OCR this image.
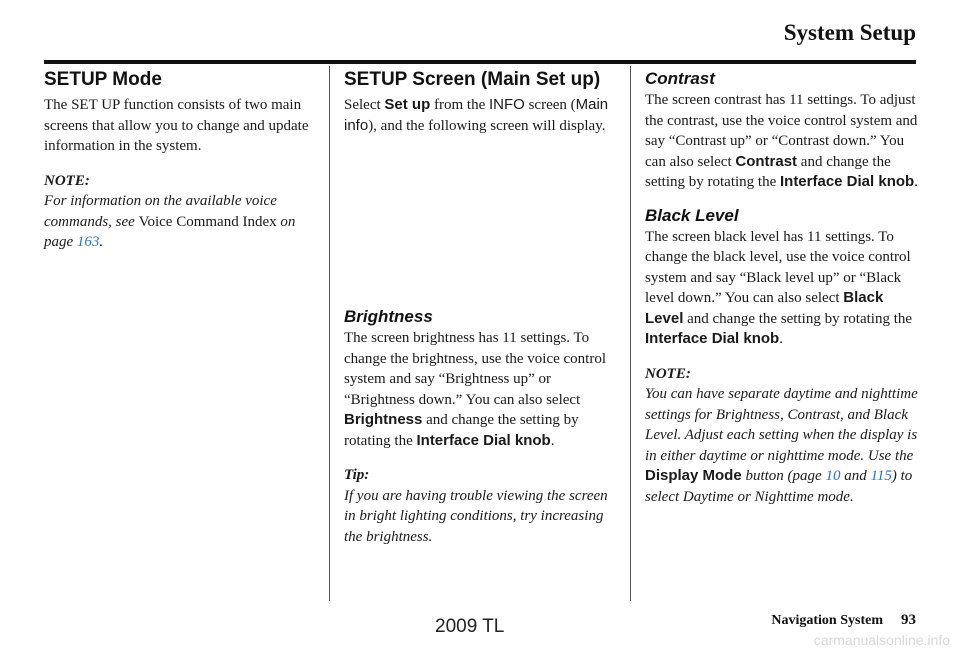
System Setup
SETUP Mode

The SET UP function consists of two main screens that allow you to change and update information in the system.

NOTE:

For information on the available voice commands, see Voice Command Index on page 163.

SETUP Screen (Main Set up)

Select Set up from the INFO screen (Main info), and the following screen will display.

Brightness

The screen brightness has 11 settings. To change the brightness, use the voice control system and say “Brightness up” or “Brightness down.” You can also select Brightness and change the setting by rotating the Interface Dial knob.

Tip:

If you are having trouble viewing the screen in bright lighting conditions, try increasing the brightness.

Contrast

The screen contrast has 11 settings. To adjust the contrast, use the voice control system and say “Contrast up” or “Contrast down.” You can also select Contrast and change the setting by rotating the Interface Dial knob.

Black Level

The screen black level has 11 settings. To change the black level, use the voice control system and say “Black level up” or “Black level down.” You can also select Black Level and change the setting by rotating the Interface Dial knob.

NOTE:

You can have separate daytime and nighttime settings for Brightness, Contrast, and Black Level. Adjust each setting when the display is in either daytime or nighttime mode. Use the Display Mode button (page 10 and 115) to select Daytime or Nighttime mode.

Navigation System 93
2009 TL
carmanualsonline.info
